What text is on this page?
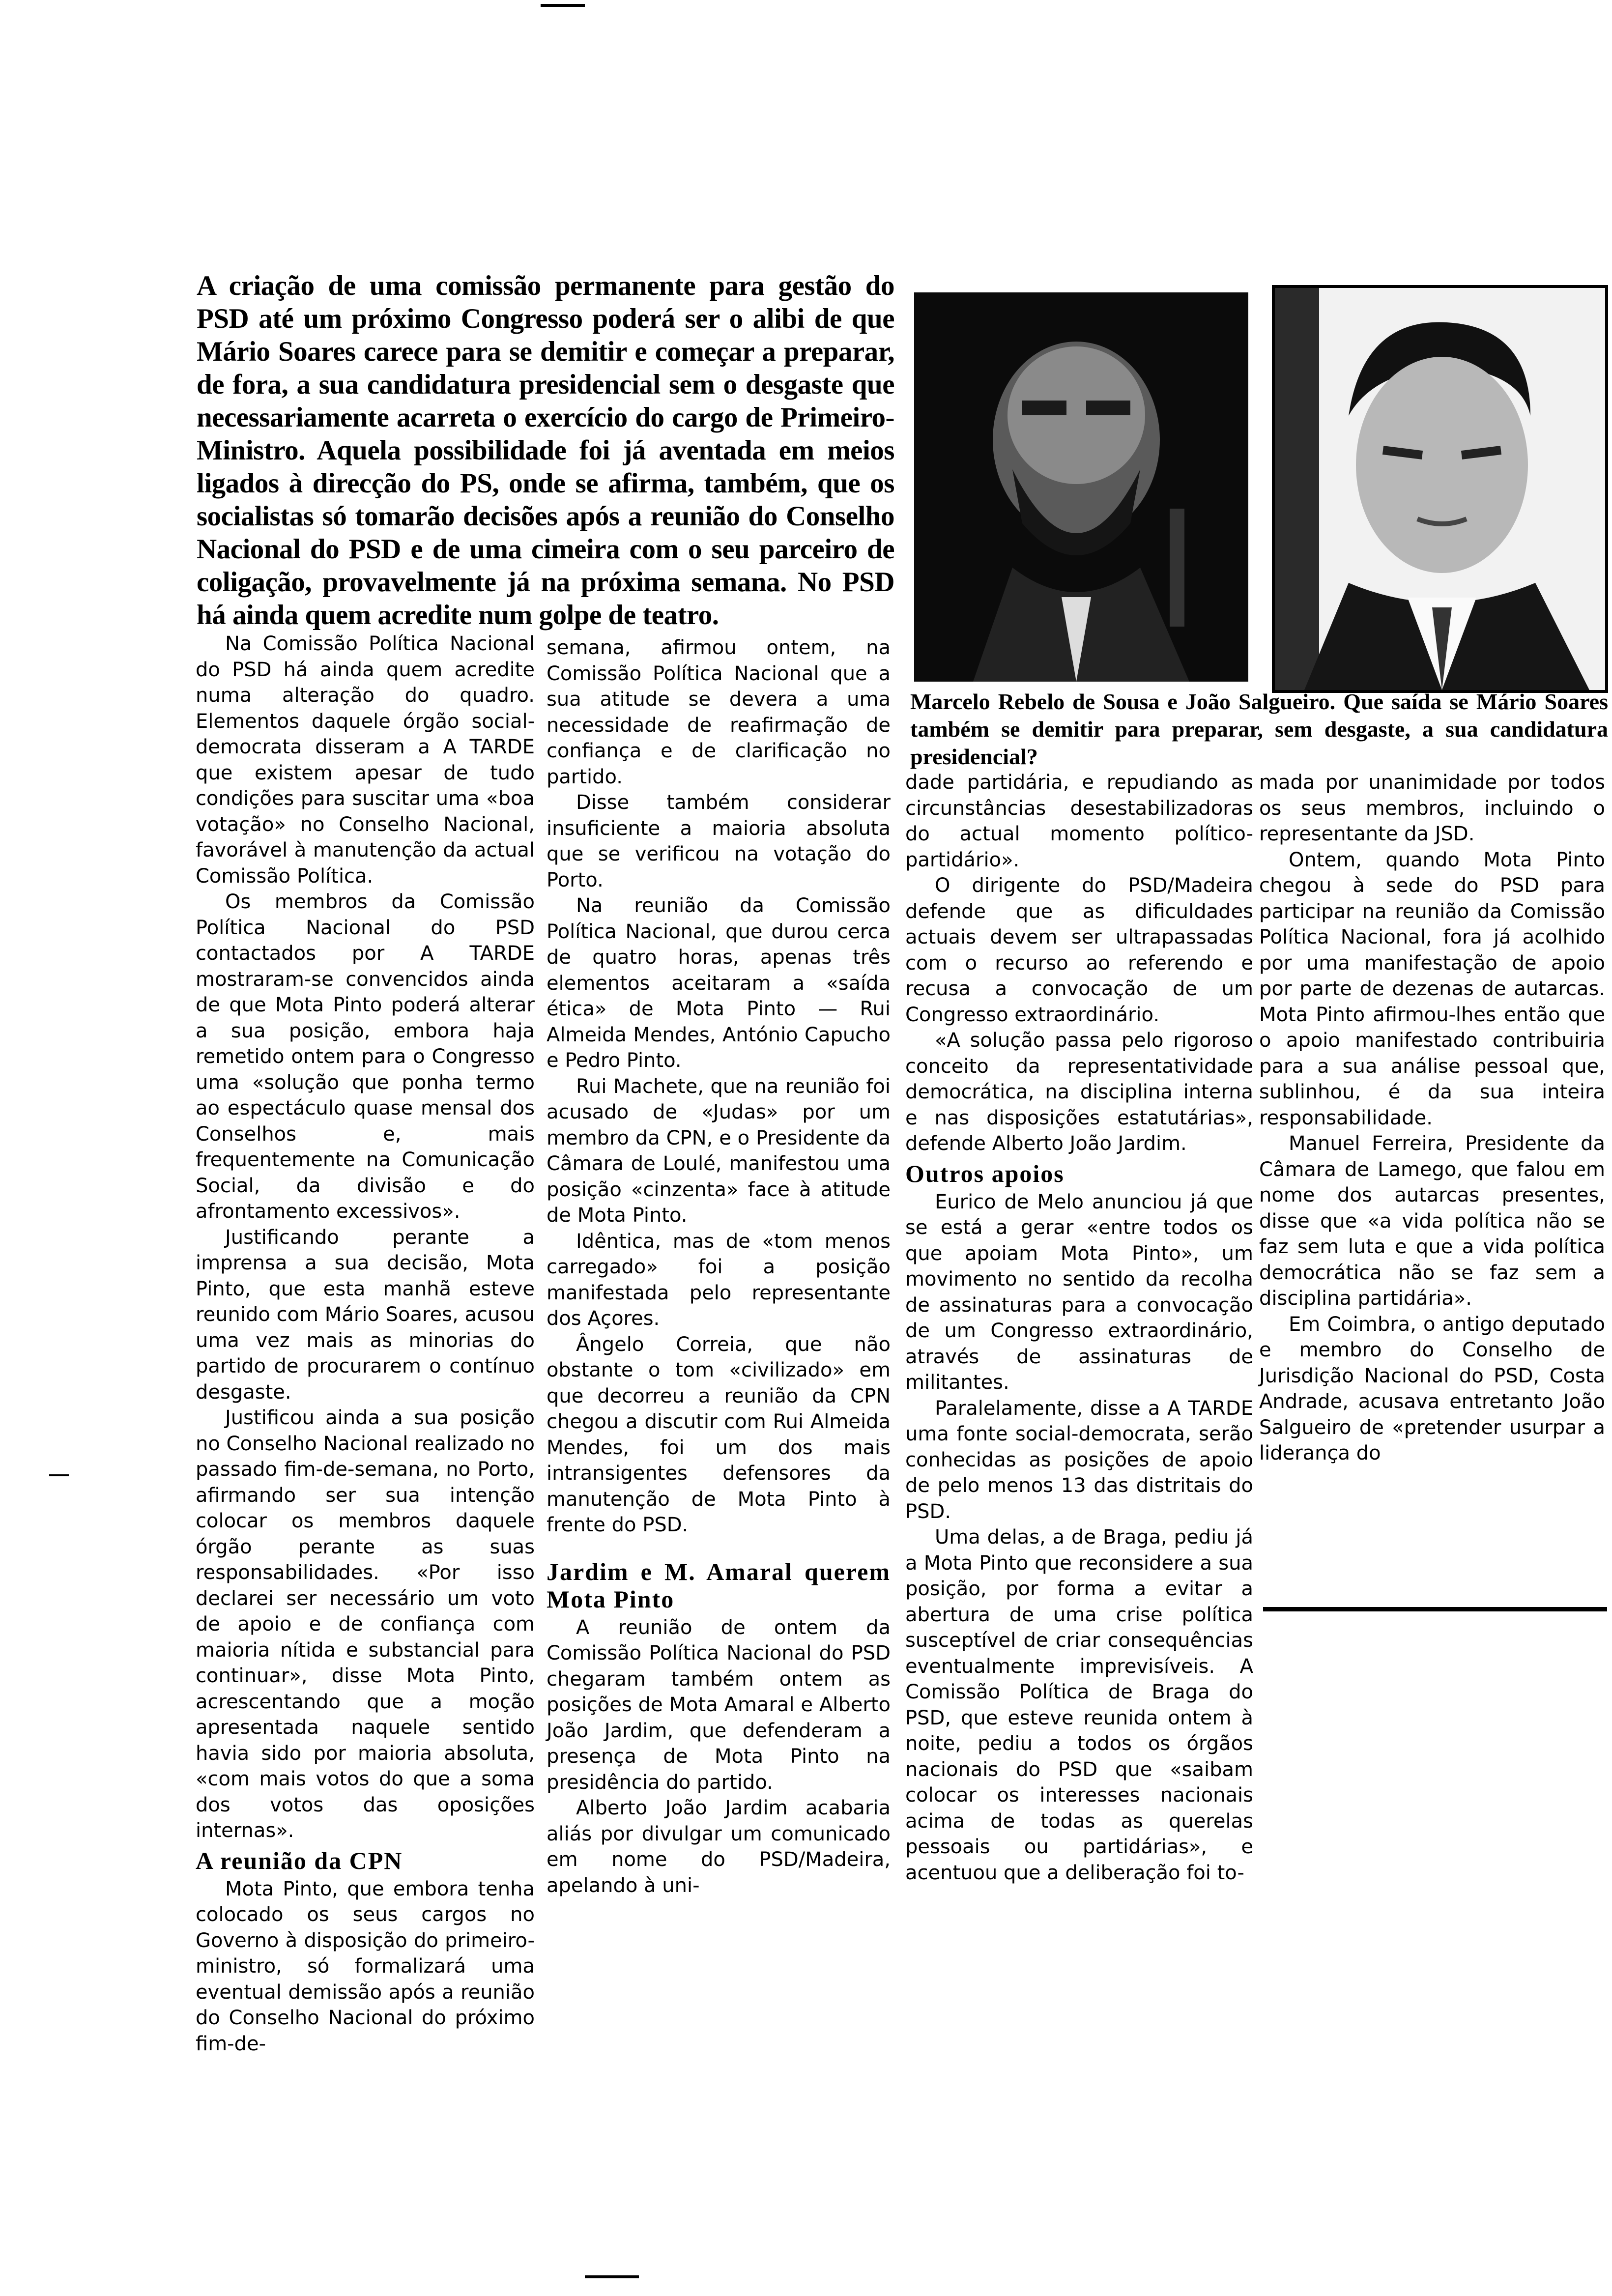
A criação de uma comissão permanente para gestão do PSD até um próximo Congresso poderá ser o alibi de que Mário Soares carece para se demitir e começar a preparar, de fora, a sua candidatura presidencial sem o desgaste que necessariamente acarreta o exercício do cargo de Primeiro-Ministro. Aquela possibilidade foi já aventada em meios ligados à direcção do PS, onde se afirma, também, que os socialistas só tomarão decisões após a reunião do Conselho Nacional do PSD e de uma cimeira com o seu parceiro de coligação, provavelmente já na próxima semana. No PSD há ainda quem acredite num golpe de teatro.
Marcelo Rebelo de Sousa e João Salgueiro. Que saída se Mário Soares também se demitir para preparar, sem desgaste, a sua candidatura presidencial?

Na Comissão Política Nacional do PSD há ainda quem acredite numa alteração do quadro. Elementos daquele órgão social-democrata disseram a A TARDE que existem apesar de tudo condições para suscitar uma «boa votação» no Conselho Nacional, favorável à manutenção da actual Comissão Política.

Os membros da Comissão Política Nacional do PSD contactados por A TARDE mostraram-se convencidos ainda de que Mota Pinto poderá alterar a sua posição, embora haja remetido ontem para o Congresso uma «solução que ponha termo ao espectáculo quase mensal dos Conselhos e, mais frequentemente na Comunicação Social, da divisão e do afrontamento excessivos».

Justificando perante a imprensa a sua decisão, Mota Pinto, que esta manhã esteve reunido com Mário Soares, acusou uma vez mais as minorias do partido de procurarem o contínuo desgaste.

Justificou ainda a sua posição no Conselho Nacional realizado no passado fim-de-semana, no Porto, afirmando ser sua intenção colocar os membros daquele órgão perante as suas responsabilidades. «Por isso declarei ser necessário um voto de apoio e de confiança com maioria nítida e substancial para continuar», disse Mota Pinto, acrescentando que a moção apresentada naquele sentido havia sido por maioria absoluta, «com mais votos do que a soma dos votos das oposições internas».

A reunião da CPN

Mota Pinto, que embora tenha colocado os seus cargos no Governo à disposição do primeiro-ministro, só formalizará uma eventual demissão após a reunião do Conselho Nacional do próximo fim-de-

semana, afirmou ontem, na Comissão Política Nacional que a sua atitude se devera a uma necessidade de reafirmação de confiança e de clarificação no partido.

Disse também considerar insuficiente a maioria absoluta que se verificou na votação do Porto.

Na reunião da Comissão Política Nacional, que durou cerca de quatro horas, apenas três elementos aceitaram a «saída ética» de Mota Pinto — Rui Almeida Mendes, António Capucho e Pedro Pinto.

Rui Machete, que na reunião foi acusado de «Judas» por um membro da CPN, e o Presidente da Câmara de Loulé, manifestou uma posição «cinzenta» face à atitude de Mota Pinto.

Idêntica, mas de «tom menos carregado» foi a posição manifestada pelo representante dos Açores.

Ângelo Correia, que não obstante o tom «civilizado» em que decorreu a reunião da CPN chegou a discutir com Rui Almeida Mendes, foi um dos mais intransigentes defensores da manutenção de Mota Pinto à frente do PSD.

Jardim e M. Amaral querem Mota Pinto

A reunião de ontem da Comissão Política Nacional do PSD chegaram também ontem as posições de Mota Amaral e Alberto João Jardim, que defenderam a presença de Mota Pinto na presidência do partido.

Alberto João Jardim acabaria aliás por divulgar um comunicado em nome do PSD/Madeira, apelando à uni-

dade partidária, e repudiando as circunstâncias desestabilizadoras do actual momento político-partidário».

O dirigente do PSD/Madeira defende que as dificuldades actuais devem ser ultrapassadas com o recurso ao referendo e recusa a convocação de um Congresso extraordinário.

«A solução passa pelo rigoroso conceito da representatividade democrática, na disciplina interna e nas disposições estatutárias», defende Alberto João Jardim.

Outros apoios

Eurico de Melo anunciou já que se está a gerar «entre todos os que apoiam Mota Pinto», um movimento no sentido da recolha de assinaturas para a convocação de um Congresso extraordinário, através de assinaturas de militantes.

Paralelamente, disse a A TARDE uma fonte social-democrata, serão conhecidas as posições de apoio de pelo menos 13 das distritais do PSD.

Uma delas, a de Braga, pediu já a Mota Pinto que reconsidere a sua posição, por forma a evitar a abertura de uma crise política susceptível de criar consequências eventualmente imprevisíveis. A Comissão Política de Braga do PSD, que esteve reunida ontem à noite, pediu a todos os órgãos nacionais do PSD que «saibam colocar os interesses nacionais acima de todas as querelas pessoais ou partidárias», e acentuou que a deliberação foi to-

mada por unanimidade por todos os seus membros, incluindo o representante da JSD.

Ontem, quando Mota Pinto chegou à sede do PSD para participar na reunião da Comissão Política Nacional, fora já acolhido por uma manifestação de apoio por parte de dezenas de autarcas. Mota Pinto afirmou-lhes então que o apoio manifestado contribuiria para a sua análise pessoal que, sublinhou, é da sua inteira responsabilidade.

Manuel Ferreira, Presidente da Câmara de Lamego, que falou em nome dos autarcas presentes, disse que «a vida política não se faz sem luta e que a vida política democrática não se faz sem a disciplina partidária».

Em Coimbra, o antigo deputado e membro do Conselho de Jurisdição Nacional do PSD, Costa Andrade, acusava entretanto João Salgueiro de «pretender usurpar a liderança do
